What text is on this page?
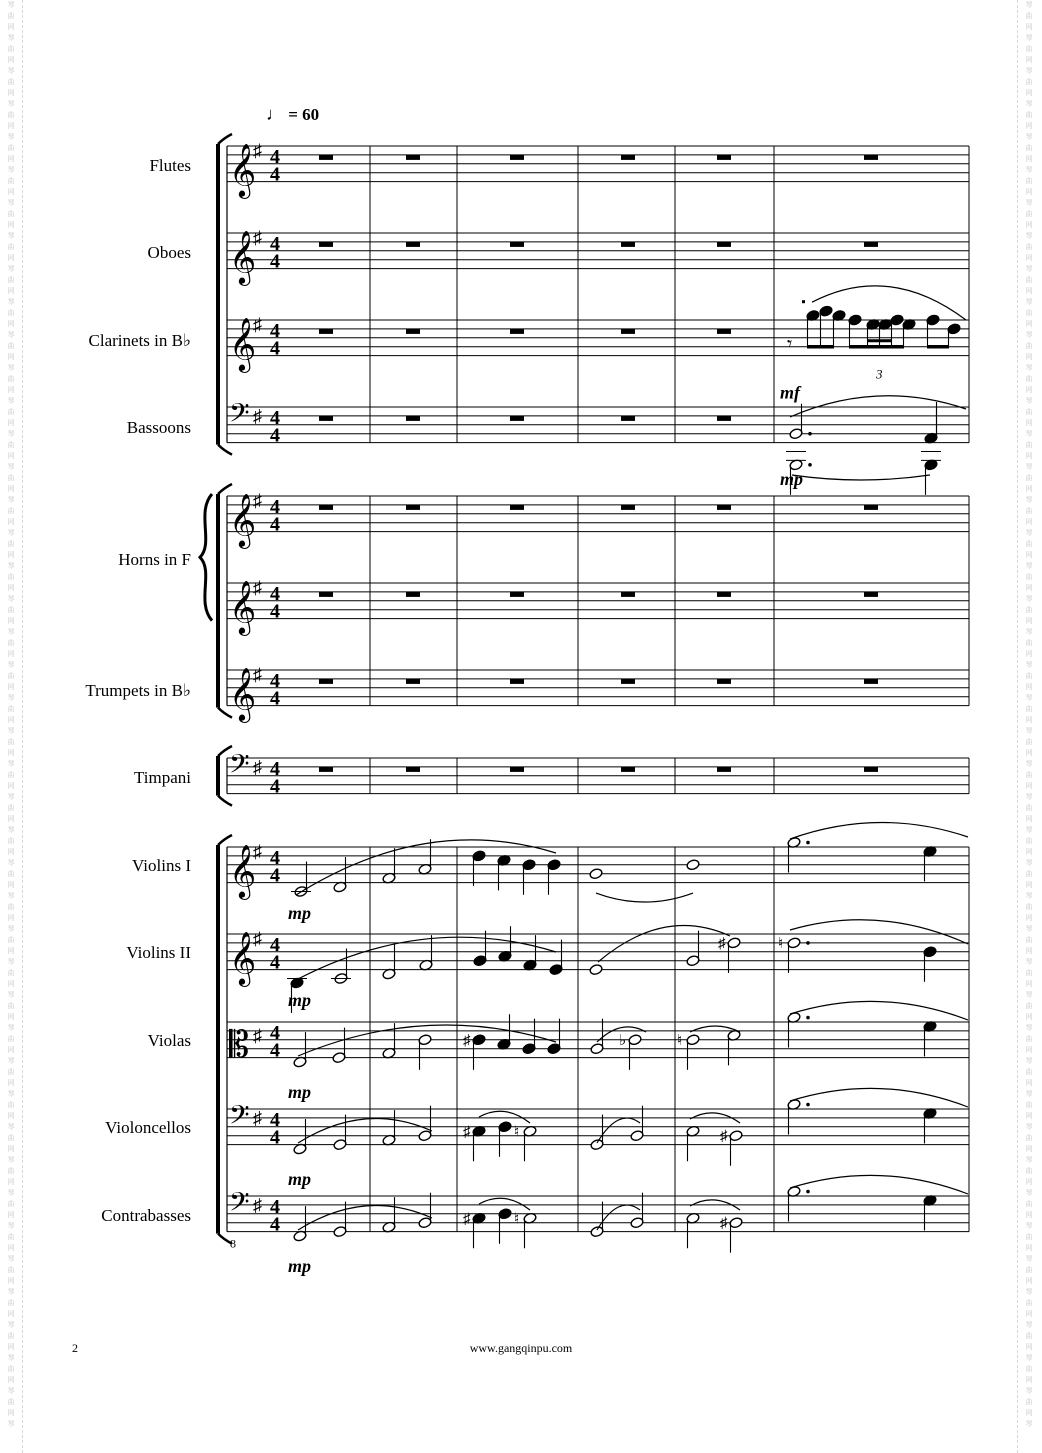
琴
曲
网
琴
曲
网
琴
曲
网
琴
曲
网
琴
曲
网
琴
曲
网
琴
曲
网
琴
曲
网
琴
曲
网
琴
曲
网
琴
曲
网
琴
曲
网
琴
曲
网
琴
曲
网
琴
曲
网
琴
曲
网
琴
曲
网
琴
曲
网
琴
曲
网
琴
曲
网
琴
曲
网
琴
曲
网
琴
曲
网
琴
曲
网
琴
曲
网
琴
曲
网
琴
曲
网
琴
曲
网
琴
曲
网
琴
曲
网
琴
曲
网
琴
曲
网
琴
曲
网
琴
曲
网
琴
曲
网
琴
曲
网
琴
曲
网
琴
曲
网
琴
曲
网
琴
曲
网
琴
曲
网
琴
曲
网
琴
曲
网
琴

琴
曲
网
琴
曲
网
琴
曲
网
琴
曲
网
琴
曲
网
琴
曲
网
琴
曲
网
琴
曲
网
琴
曲
网
琴
曲
网
琴
曲
网
琴
曲
网
琴
曲
网
琴
曲
网
琴
曲
网
琴
曲
网
琴
曲
网
琴
曲
网
琴
曲
网
琴
曲
网
琴
曲
网
琴
曲
网
琴
曲
网
琴
曲
网
琴
曲
网
琴
曲
网
琴
曲
网
琴
曲
网
琴
曲
网
琴
曲
网
琴
曲
网
琴
曲
网
琴
曲
网
琴
曲
网
琴
曲
网
琴
曲
网
琴
曲
网
琴
曲
网
琴
曲
网
琴
曲
网
琴
曲
网
琴
曲
网
琴
曲
网
琴

♩ = 60
𝄞
♯ 4
4
𝄞
♯ 4
4
𝄞
♯ 4
4
𝄢 ♯ 4
4
𝄞
♯ 4
4
𝄞
♯ 4
4
𝄞
♯ 4
4
𝄢 ♯ 4
4
𝄞
♯ 4
4
𝄞
♯ 4
4
𝄡 ♯ 4
4
𝄢 ♯ 4
4
𝄢 ♯ 4
4
Flutes
Oboes
Clarinets in B♭
Bassoons
Horns in F
Trumpets in B♭
Timpani
Violins I
Violins II
Violas
Violoncellos
Contrabasses
mp
♯	♮
mp
♯	♭	♮
mp
♯	♮	♯
mp
♯	♮	♯
mp
8
𝄾
3
mf
mp
2	www.gangqinpu.com
